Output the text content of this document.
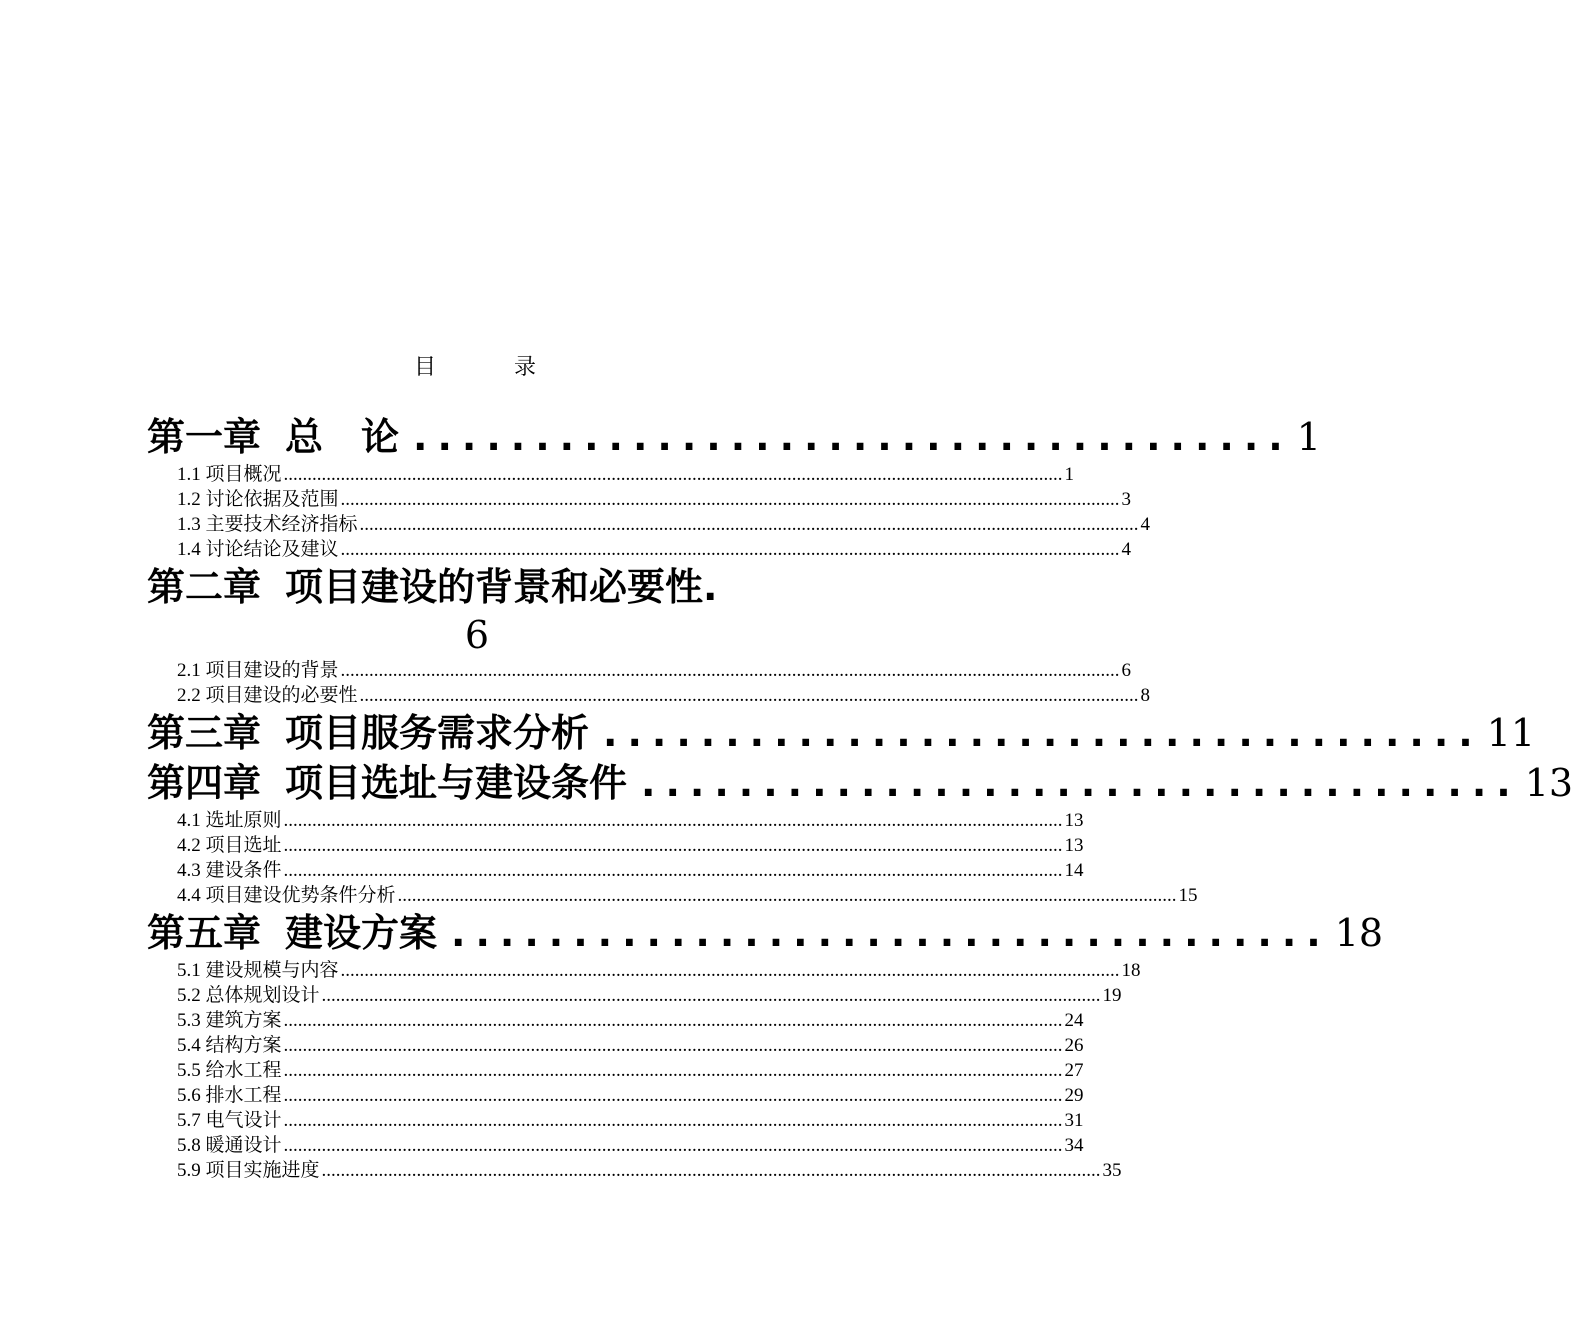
目　录
第一章 总　论 .................................... 1
1.1 项目概况 .................................................................................................................................................................... 1
1.2 讨论依据及范围 .................................................................................................................................................................... 3
1.3 主要技术经济指标 .................................................................................................................................................................... 4
1.4 讨论结论及建议 .................................................................................................................................................................... 4
第二章 项目建设的背景和必要性.
6
2.1 项目建设的背景 .................................................................................................................................................................... 6
2.2 项目建设的必要性 .................................................................................................................................................................... 8
第三章 项目服务需求分析 .................................... 11
第四章 项目选址与建设条件 .................................... 13
4.1 选址原则 .................................................................................................................................................................... 13
4.2 项目选址 .................................................................................................................................................................... 13
4.3 建设条件 .................................................................................................................................................................... 14
4.4 项目建设优势条件分析 .................................................................................................................................................................... 15
第五章 建设方案 .................................... 18
5.1 建设规模与内容 .................................................................................................................................................................... 18
5.2 总体规划设计 .................................................................................................................................................................... 19
5.3 建筑方案 .................................................................................................................................................................... 24
5.4 结构方案 .................................................................................................................................................................... 26
5.5 给水工程 .................................................................................................................................................................... 27
5.6 排水工程 .................................................................................................................................................................... 29
5.7 电气设计 .................................................................................................................................................................... 31
5.8 暖通设计 .................................................................................................................................................................... 34
5.9 项目实施进度 .................................................................................................................................................................... 35
